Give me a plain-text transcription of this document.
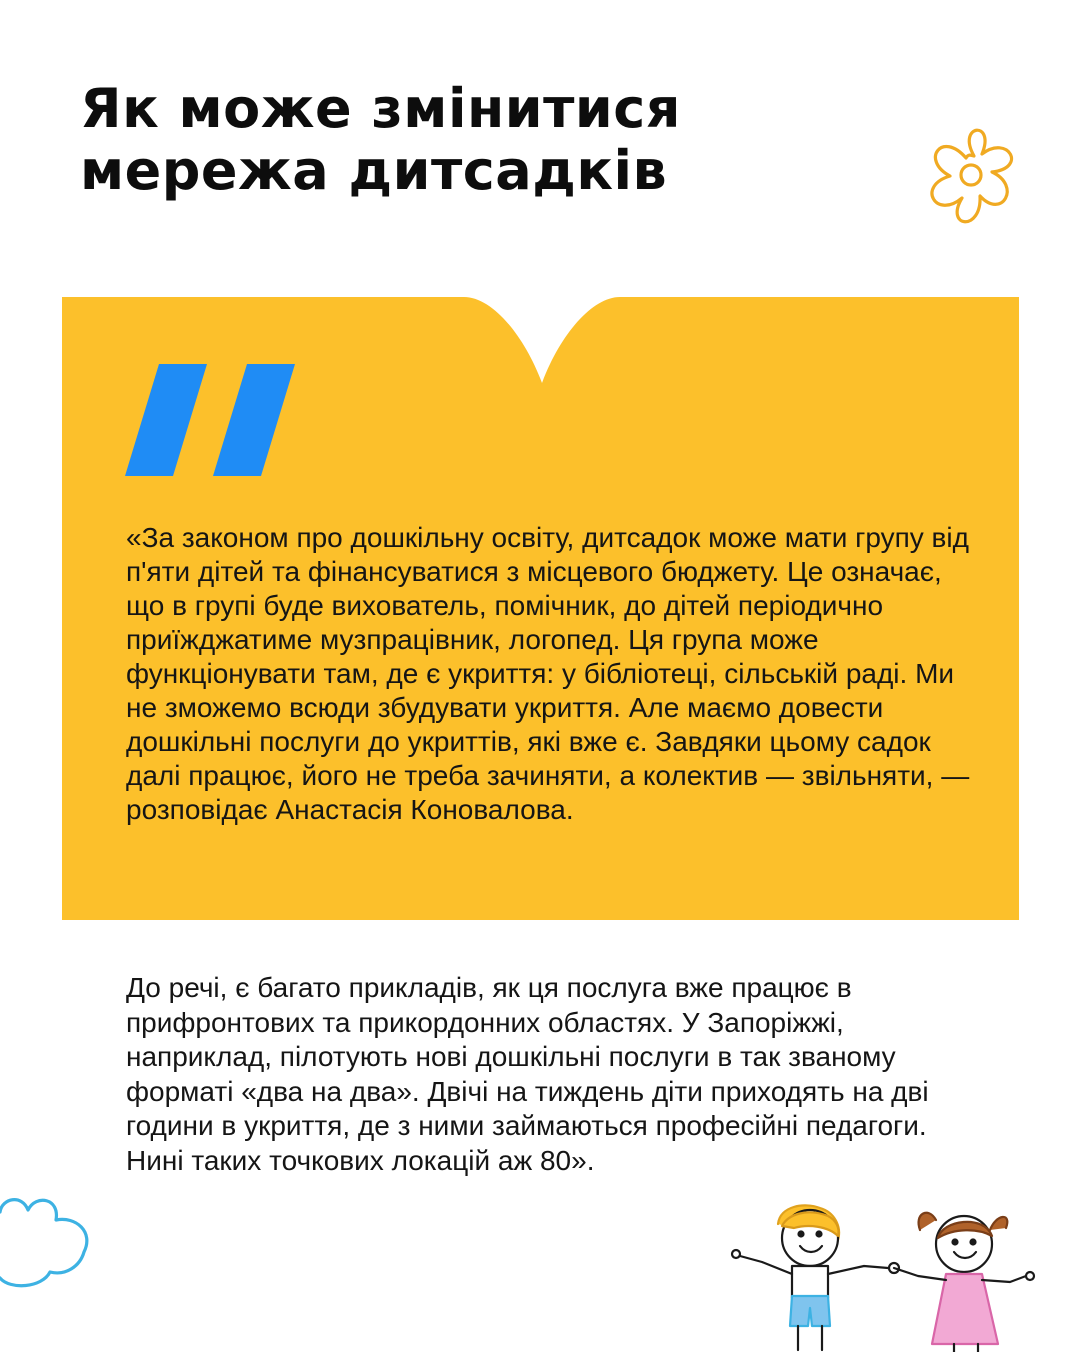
Як може змінитися
мережа дитсадків

«За законом про дошкільну освіту, дитсадок може мати групу від п'яти дітей та фінансуватися з місцевого бюджету. Це означає, що в групі буде вихователь, помічник, до дітей періодично приїжджатиме музпрацівник, логопед. Ця група може функціонувати там, де є укриття: у бібліотеці, сільській раді. Ми не зможемо всюди збудувати укриття. Але маємо довести дошкільні послуги до укриттів, які вже є. Завдяки цьому садок далі працює, його не треба зачиняти, а колектив — звільняти, — розповідає Анастасія Коновалова.

До речі, є багато прикладів, як ця послуга вже працює в прифронтових та прикордонних областях. У Запоріжжі, наприклад, пілотують нові дошкільні послуги в так званому форматі «два на два». Двічі на тиждень діти приходять на дві години в укриття, де з ними займаються професійні педагоги. Нині таких точкових локацій аж 80».
